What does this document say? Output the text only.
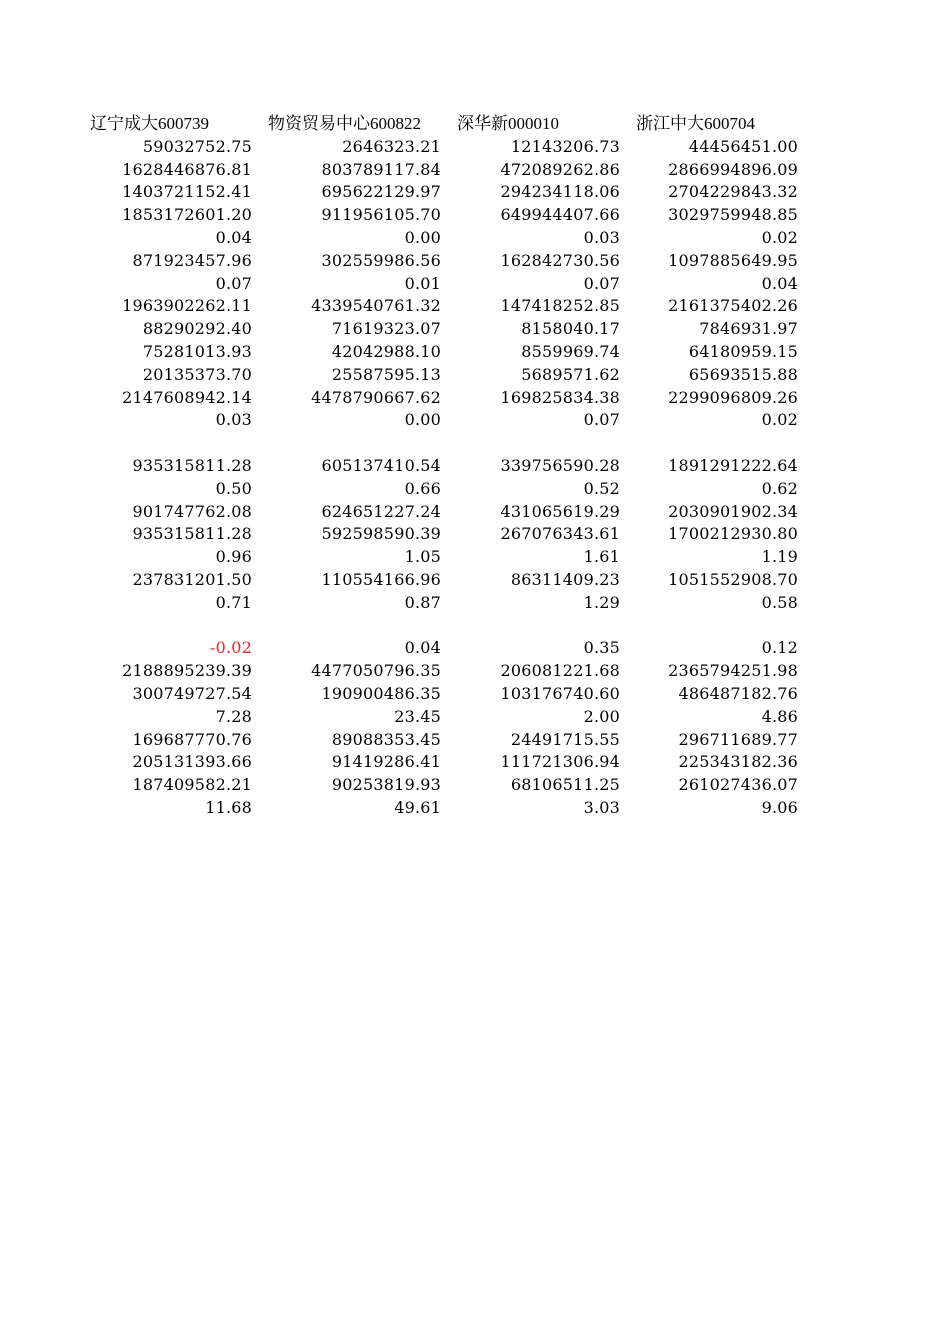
辽宁成大600739	物资贸易中心600822	深华新000010	浙江中大600704
59032752.75	2646323.21	12143206.73	44456451.00
1628446876.81	803789117.84	472089262.86	2866994896.09
1403721152.41	695622129.97	294234118.06	2704229843.32
1853172601.20	911956105.70	649944407.66	3029759948.85
0.04	0.00	0.03	0.02
871923457.96	302559986.56	162842730.56	1097885649.95
0.07	0.01	0.07	0.04
1963902262.11	4339540761.32	147418252.85	2161375402.26
88290292.40	71619323.07	8158040.17	7846931.97
75281013.93	42042988.10	8559969.74	64180959.15
20135373.70	25587595.13	5689571.62	65693515.88
2147608942.14	4478790667.62	169825834.38	2299096809.26
0.03	0.00	0.07	0.02
935315811.28	605137410.54	339756590.28	1891291222.64
0.50	0.66	0.52	0.62
901747762.08	624651227.24	431065619.29	2030901902.34
935315811.28	592598590.39	267076343.61	1700212930.80
0.96	1.05	1.61	1.19
237831201.50	110554166.96	86311409.23	1051552908.70
0.71	0.87	1.29	0.58
-0.02	0.04	0.35	0.12
2188895239.39	4477050796.35	206081221.68	2365794251.98
300749727.54	190900486.35	103176740.60	486487182.76
7.28	23.45	2.00	4.86
169687770.76	89088353.45	24491715.55	296711689.77
205131393.66	91419286.41	111721306.94	225343182.36
187409582.21	90253819.93	68106511.25	261027436.07
11.68	49.61	3.03	9.06
